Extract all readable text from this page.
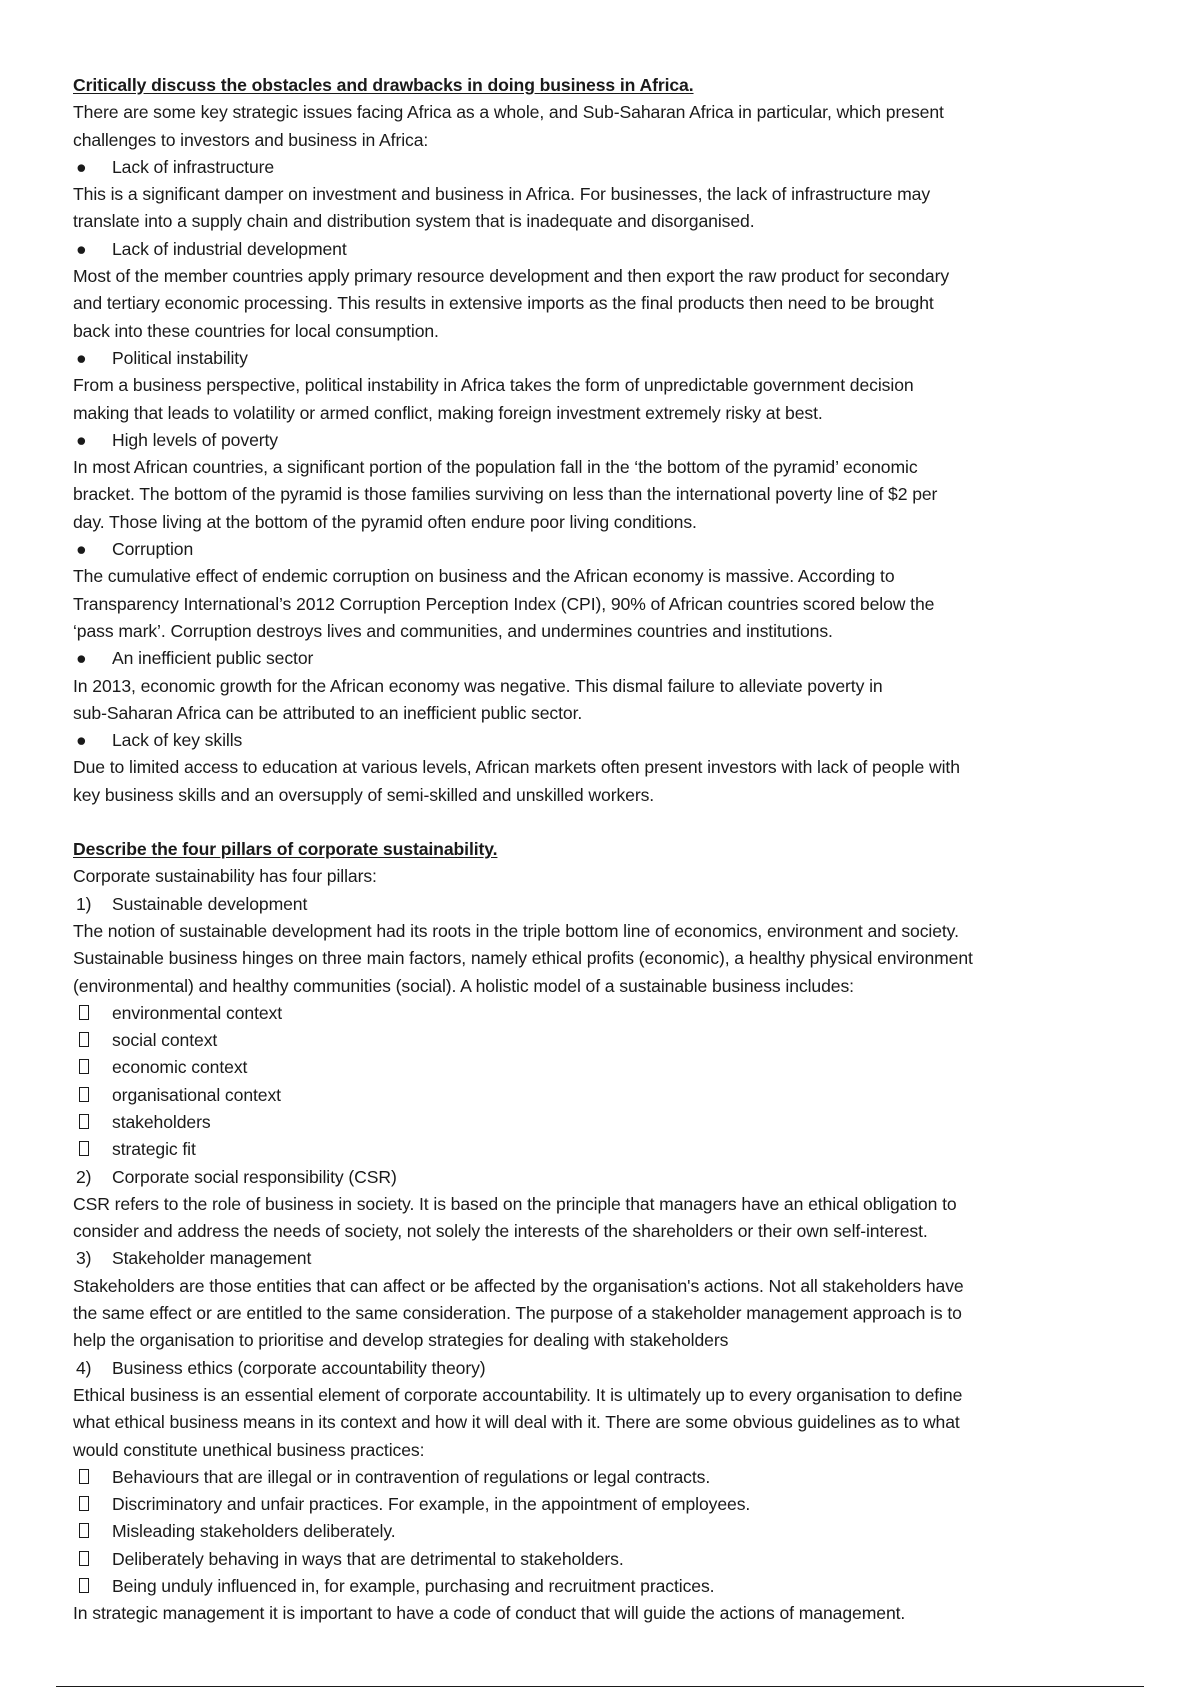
Critically discuss the obstacles and drawbacks in doing business in Africa.
There are some key strategic issues facing Africa as a whole, and Sub-Saharan Africa in particular, which present
challenges to investors and business in Africa:
●	Lack of infrastructure
This is a significant damper on investment and business in Africa. For businesses, the lack of infrastructure may
translate into a supply chain and distribution system that is inadequate and disorganised.
●	Lack of industrial development
Most of the member countries apply primary resource development and then export the raw product for secondary
and tertiary economic processing. This results in extensive imports as the final products then need to be brought
back into these countries for local consumption.
●	Political instability
From a business perspective, political instability in Africa takes the form of unpredictable government decision
making that leads to volatility or armed conflict, making foreign investment extremely risky at best.
●	High levels of poverty
In most African countries, a significant portion of the population fall in the ‘the bottom of the pyramid’ economic
bracket. The bottom of the pyramid is those families surviving on less than the international poverty line of $2 per
day. Those living at the bottom of the pyramid often endure poor living conditions.
●	Corruption
The cumulative effect of endemic corruption on business and the African economy is massive. According to
Transparency International’s 2012 Corruption Perception Index (CPI), 90% of African countries scored below the
‘pass mark’. Corruption destroys lives and communities, and undermines countries and institutions.
●	An inefficient public sector
In 2013, economic growth for the African economy was negative. This dismal failure to alleviate poverty in
sub-Saharan Africa can be attributed to an inefficient public sector.
●	Lack of key skills
Due to limited access to education at various levels, African markets often present investors with lack of people with
key business skills and an oversupply of semi-skilled and unskilled workers.
Describe the four pillars of corporate sustainability.
Corporate sustainability has four pillars:
1)	Sustainable development
The notion of sustainable development had its roots in the triple bottom line of economics, environment and society.
Sustainable business hinges on three main factors, namely ethical profits (economic), a healthy physical environment
(environmental) and healthy communities (social). A holistic model of a sustainable business includes:
environmental context
social context
economic context
organisational context
stakeholders
strategic fit
2)	Corporate social responsibility (CSR)
CSR refers to the role of business in society. It is based on the principle that managers have an ethical obligation to
consider and address the needs of society, not solely the interests of the shareholders or their own self-interest.
3)	Stakeholder management
Stakeholders are those entities that can affect or be affected by the organisation's actions. Not all stakeholders have
the same effect or are entitled to the same consideration. The purpose of a stakeholder management approach is to
help the organisation to prioritise and develop strategies for dealing with stakeholders
4)	Business ethics (corporate accountability theory)
Ethical business is an essential element of corporate accountability. It is ultimately up to every organisation to define
what ethical business means in its context and how it will deal with it. There are some obvious guidelines as to what
would constitute unethical business practices:
Behaviours that are illegal or in contravention of regulations or legal contracts.
Discriminatory and unfair practices. For example, in the appointment of employees.
Misleading stakeholders deliberately.
Deliberately behaving in ways that are detrimental to stakeholders.
Being unduly influenced in, for example, purchasing and recruitment practices.
In strategic management it is important to have a code of conduct that will guide the actions of management.
